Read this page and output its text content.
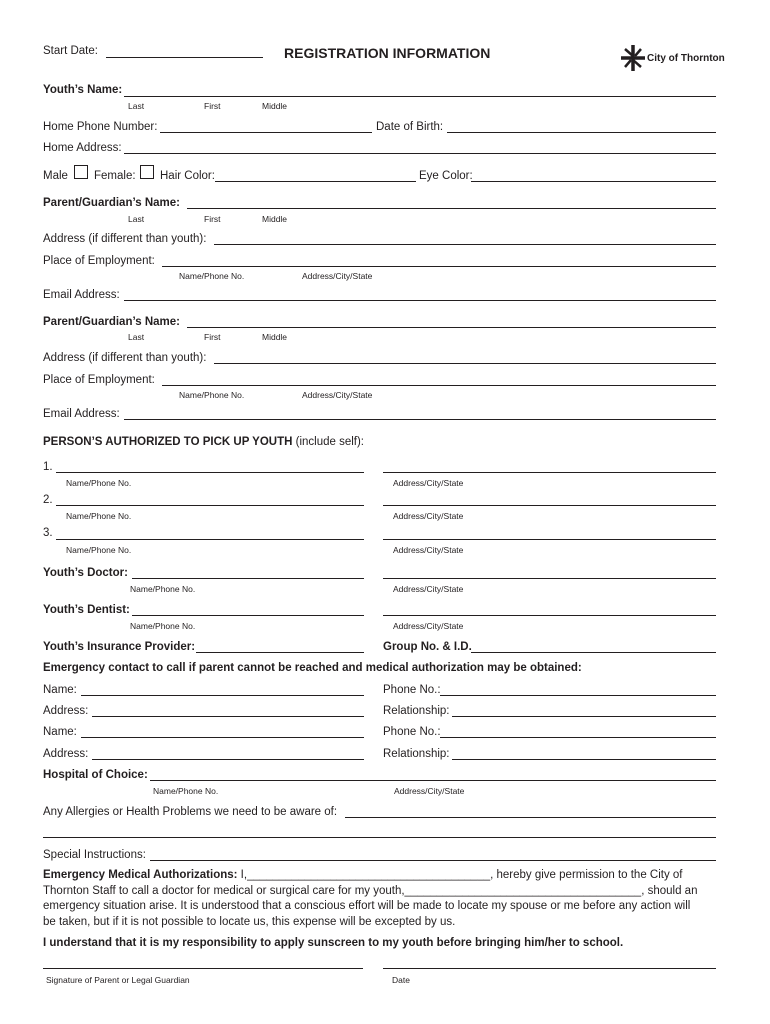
Start Date:	REGISTRATION INFORMATION	City of Thornton
Youth’s Name:
Last	First	Middle
Home Phone Number:	Date of Birth:
Home Address:
Male Female: Hair Color:	Eye Color:
Parent/Guardian’s Name:
Last	First	Middle
Address (if different than youth):
Place of Employment:
Name/Phone No.	Address/City/State
Email Address:
Parent/Guardian’s Name:
Last	First	Middle
Address (if different than youth):
Place of Employment:
Name/Phone No.	Address/City/State
Email Address:
PERSON’S AUTHORIZED TO PICK UP YOUTH (include self):
1.
Name/Phone No.	Address/City/State
2.
Name/Phone No.	Address/City/State
3.
Name/Phone No.	Address/City/State
Youth’s Doctor:
Name/Phone No.	Address/City/State
Youth’s Dentist:
Name/Phone No.	Address/City/State
Youth’s Insurance Provider:	Group No. & I.D.
Emergency contact to call if parent cannot be reached and medical authorization may be obtained:
Name:	Phone No.:
Address:	Relationship:
Name:	Phone No.:
Address:	Relationship:
Hospital of Choice:
Name/Phone No.	Address/City/State
Any Allergies or Health Problems we need to be aware of:
Special Instructions:
Emergency Medical Authorizations: I,______________________________________, hereby give permission to the City of
Thornton Staff to call a doctor for medical or surgical care for my youth,_____________________________________, should an
emergency situation arise. It is understood that a conscious effort will be made to locate my spouse or me before any action will
be taken, but if it is not possible to locate us, this expense will be excepted by us.
I understand that it is my responsibility to apply sunscreen to my youth before bringing him/her to school.
Signature of Parent or Legal Guardian	Date
